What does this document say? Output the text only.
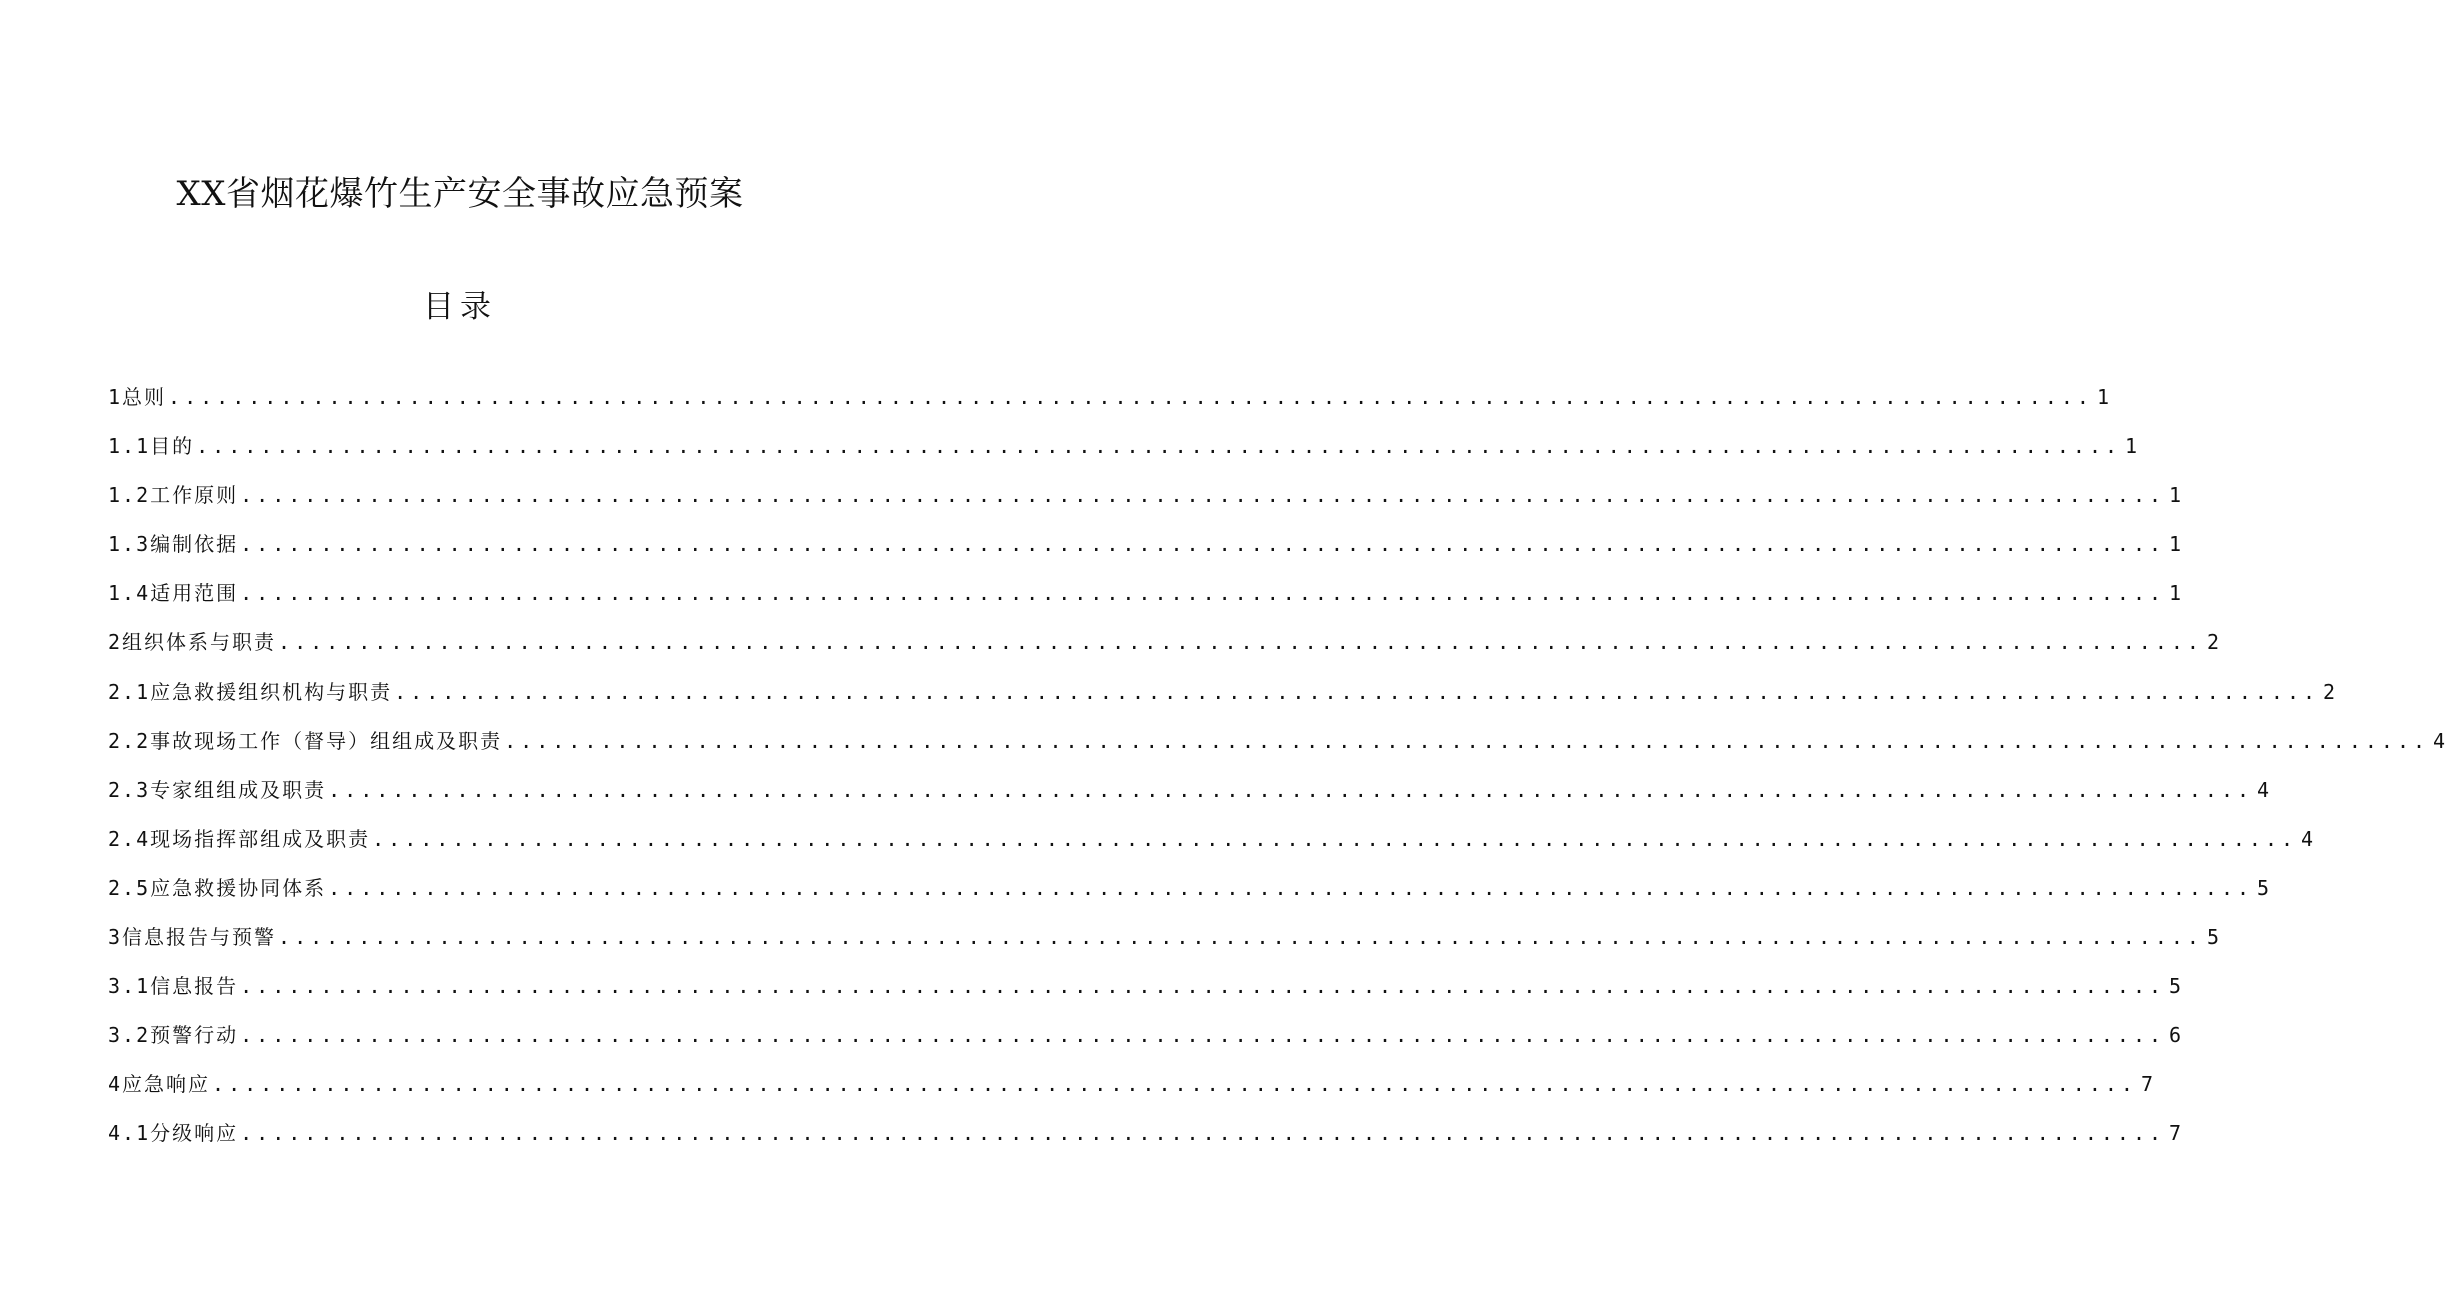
XX省烟花爆竹生产安全事故应急预案
目录
1总则 ........................................................................................................................ 1
1.1目的 ........................................................................................................................ 1
1.2工作原则 ........................................................................................................................ 1
1.3编制依据 ........................................................................................................................ 1
1.4适用范围 ........................................................................................................................ 1
2组织体系与职责 ........................................................................................................................ 2
2.1应急救援组织机构与职责 ........................................................................................................................ 2
2.2事故现场工作（督导）组组成及职责 ........................................................................................................................ 4
2.3专家组组成及职责 ........................................................................................................................ 4
2.4现场指挥部组成及职责 ........................................................................................................................ 4
2.5应急救援协同体系 ........................................................................................................................ 5
3信息报告与预警 ........................................................................................................................ 5
3.1信息报告 ........................................................................................................................ 5
3.2预警行动 ........................................................................................................................ 6
4应急响应 ........................................................................................................................ 7
4.1分级响应 ........................................................................................................................ 7
